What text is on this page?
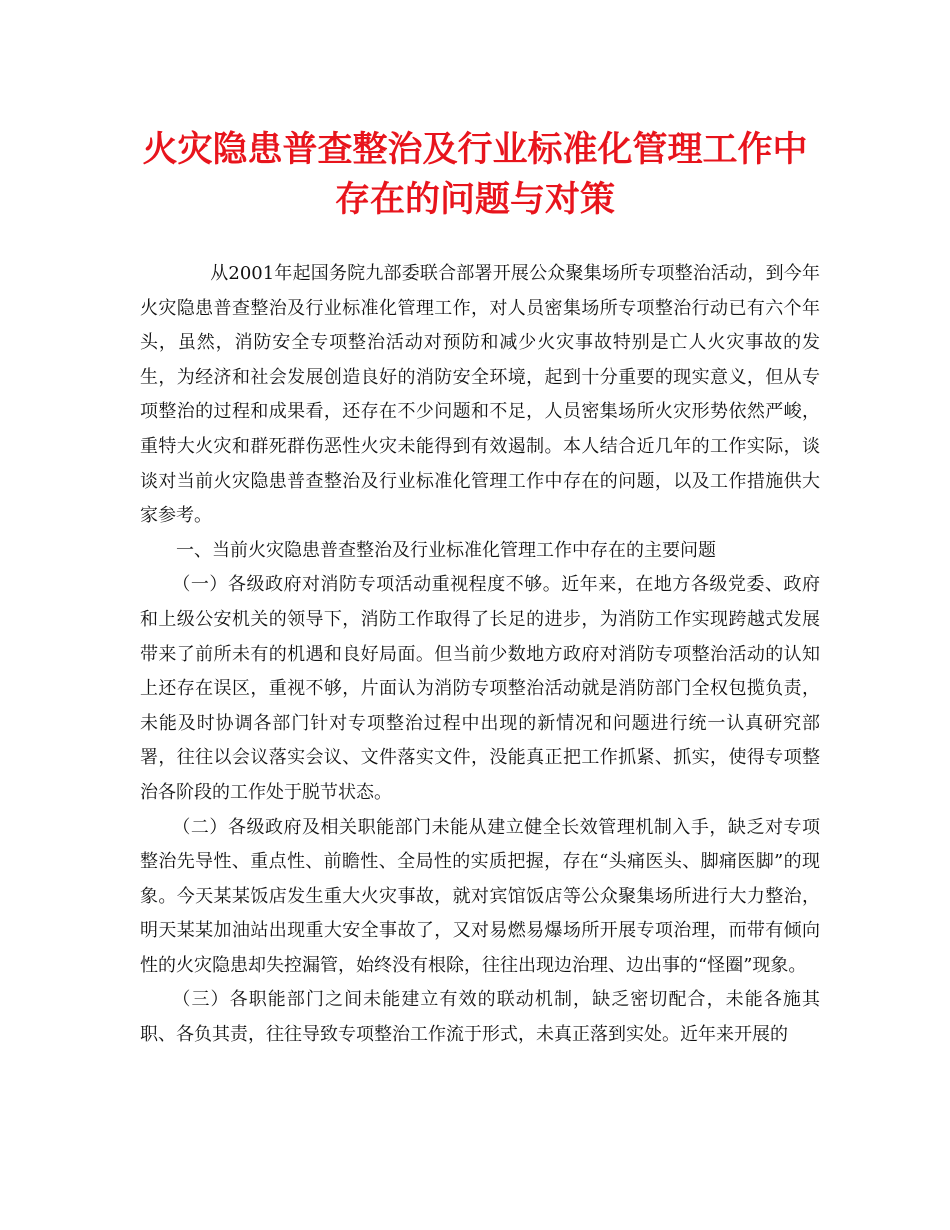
火灾隐患普查整治及行业标准化管理工作中
存在的问题与对策

从2001年起国务院九部委联合部署开展公众聚集场所专项整治活动，到今年火灾隐患普查整治及行业标准化管理工作，对人员密集场所专项整治行动已有六个年头，虽然，消防安全专项整治活动对预防和减少火灾事故特别是亡人火灾事故的发生，为经济和社会发展创造良好的消防安全环境，起到十分重要的现实意义，但从专项整治的过程和成果看，还存在不少问题和不足，人员密集场所火灾形势依然严峻，重特大火灾和群死群伤恶性火灾未能得到有效遏制。本人结合近几年的工作实际，谈谈对当前火灾隐患普查整治及行业标准化管理工作中存在的问题，以及工作措施供大家参考。

一、当前火灾隐患普查整治及行业标准化管理工作中存在的主要问题

（一）各级政府对消防专项活动重视程度不够。近年来，在地方各级党委、政府和上级公安机关的领导下，消防工作取得了长足的进步，为消防工作实现跨越式发展带来了前所未有的机遇和良好局面。但当前少数地方政府对消防专项整治活动的认知上还存在误区，重视不够，片面认为消防专项整治活动就是消防部门全权包揽负责，未能及时协调各部门针对专项整治过程中出现的新情况和问题进行统一认真研究部署，往往以会议落实会议、文件落实文件，没能真正把工作抓紧、抓实，使得专项整治各阶段的工作处于脱节状态。

（二）各级政府及相关职能部门未能从建立健全长效管理机制入手，缺乏对专项整治先导性、重点性、前瞻性、全局性的实质把握，存在“头痛医头、脚痛医脚”的现象。今天某某饭店发生重大火灾事故，就对宾馆饭店等公众聚集场所进行大力整治，明天某某加油站出现重大安全事故了，又对易燃易爆场所开展专项治理，而带有倾向性的火灾隐患却失控漏管，始终没有根除，往往出现边治理、边出事的“怪圈”现象。

（三）各职能部门之间未能建立有效的联动机制，缺乏密切配合，未能各施其职、各负其责，往往导致专项整治工作流于形式，未真正落到实处。近年来开展的
